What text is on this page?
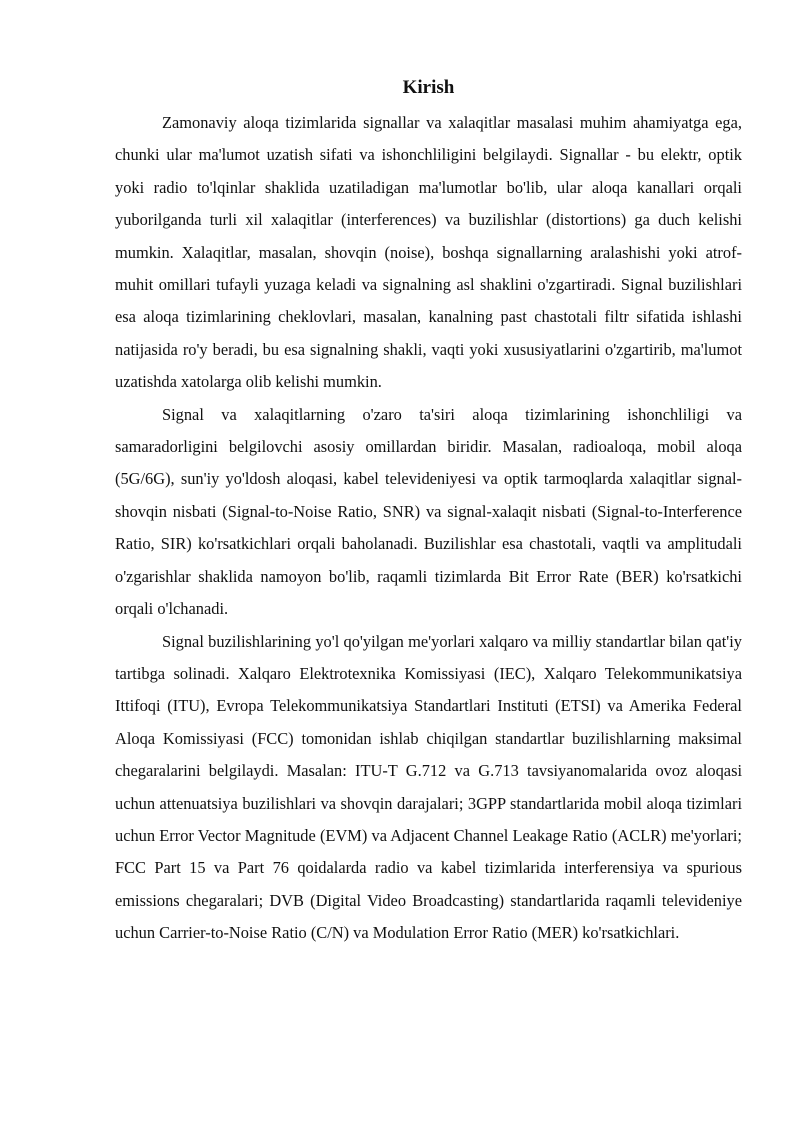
Kirish

Zamonaviy aloqa tizimlarida signallar va xalaqitlar masalasi muhim ahamiyatga ega, chunki ular ma'lumot uzatish sifati va ishonchliligini belgilaydi. Signallar - bu elektr, optik yoki radio to'lqinlar shaklida uzatiladigan ma'lumotlar bo'lib, ular aloqa kanallari orqali yuborilganda turli xil xalaqitlar (interferences) va buzilishlar (distortions) ga duch kelishi mumkin. Xalaqitlar, masalan, shovqin (noise), boshqa signallarning aralashishi yoki atrof-muhit omillari tufayli yuzaga keladi va signalning asl shaklini o'zgartiradi. Signal buzilishlari esa aloqa tizimlarining cheklovlari, masalan, kanalning past chastotali filtr sifatida ishlashi natijasida ro'y beradi, bu esa signalning shakli, vaqti yoki xususiyatlarini o'zgartirib, ma'lumot uzatishda xatolarga olib kelishi mumkin.

Signal va xalaqitlarning o'zaro ta'siri aloqa tizimlarining ishonchliligi va samaradorligini belgilovchi asosiy omillardan biridir. Masalan, radioaloqa, mobil aloqa (5G/6G), sun'iy yo'ldosh aloqasi, kabel televideniyesi va optik tarmoqlarda xalaqitlar signal-shovqin nisbati (Signal-to-Noise Ratio, SNR) va signal-xalaqit nisbati (Signal-to-Interference Ratio, SIR) ko'rsatkichlari orqali baholanadi. Buzilishlar esa chastotali, vaqtli va amplitudali o'zgarishlar shaklida namoyon bo'lib, raqamli tizimlarda Bit Error Rate (BER) ko'rsatkichi orqali o'lchanadi.

Signal buzilishlarining yo'l qo'yilgan me'yorlari xalqaro va milliy standartlar bilan qat'iy tartibga solinadi. Xalqaro Elektrotexnika Komissiyasi (IEC), Xalqaro Telekommunikatsiya Ittifoqi (ITU), Evropa Telekommunikatsiya Standartlari Instituti (ETSI) va Amerika Federal Aloqa Komissiyasi (FCC) tomonidan ishlab chiqilgan standartlar buzilishlarning maksimal chegaralarini belgilaydi. Masalan: ITU-T G.712 va G.713 tavsiyanomalarida ovoz aloqasi uchun attenuatsiya buzilishlari va shovqin darajalari; 3GPP standartlarida mobil aloqa tizimlari uchun Error Vector Magnitude (EVM) va Adjacent Channel Leakage Ratio (ACLR) me'yorlari; FCC Part 15 va Part 76 qoidalarda radio va kabel tizimlarida interferensiya va spurious emissions chegaralari; DVB (Digital Video Broadcasting) standartlarida raqamli televideniye uchun Carrier-to-Noise Ratio (C/N) va Modulation Error Ratio (MER) ko'rsatkichlari.
